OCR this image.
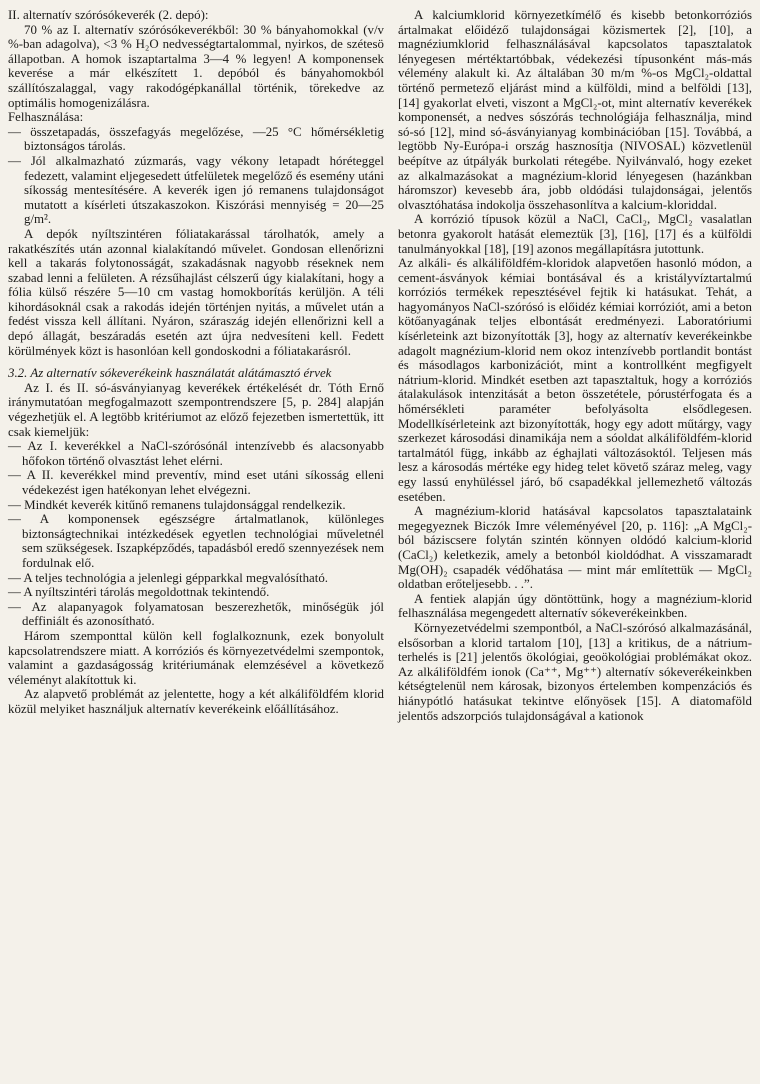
II. alternatív szórósókeverék (2. depó):

70 % az I. alternatív szórósókeverékből: 30 % bányahomokkal (v/v %-ban adagolva), <3 % H₂O nedvességtartalommal, nyirkos, de szétesö állapotban. A homok iszaptartalma 3—4 % legyen! A komponensek keverése a már elkészített 1. depóból és bányahomokból szállítószalaggal, vagy rakodógépkanállal történik, törekedve az optimális homogenizálásra.

Felhasználása:

— összetapadás, összefagyás megelőzése, —25 °C hőmérsékletig biztonságos tárolás.
— Jól alkalmazható zúzmarás, vagy vékony letapadt hóréteggel fedezett, valamint eljegesedett útfelületek megelőző és esemény utáni síkosság mentesítésére. A keverék igen jó remanens tulajdonságot mutatott a kísérleti útszakaszokon. Kiszórási mennyiség = 20—25 g/m².

A depók nyíltszintéren fóliatakarással tárolhatók, amely a rakatkészítés után azonnal kialakítandó művelet. Gondosan ellenőrizni kell a takarás folytonosságát, szakadásnak nagyobb réseknek nem szabad lenni a felületen. A rézsűhajlást célszerű úgy kialakítani, hogy a fólia külső részére 5—10 cm vastag homokborítás kerüljön. A téli kihordásoknál csak a rakodás idején történjen nyitás, a művelet után a fedést vissza kell állítani. Nyáron, száraszág idején ellenőrizni kell a depó állagát, beszáradás esetén azt újra nedvesíteni kell. Fedett körülmények közt is hasonlóan kell gondoskodni a fóliatakarásról.

3.2. Az alternatív sókeverékeink használatát alátámasztó érvek

Az I. és II. só-ásványianyag keverékek értékelését dr. Tóth Ernő iránymutatóan megfogalmazott szempontrendszere [5, p. 284] alapján végezhetjük el. A legtöbb kritériumot az előző fejezetben ismertettük, itt csak kiemeljük:

— Az I. keverékkel a NaCl-szórósónál intenzívebb és alacsonyabb hőfokon történő olvasztást lehet elérni.
— A II. keverékkel mind preventív, mind eset utáni síkosság elleni védekezést igen hatékonyan lehet elvégezni.
— Mindkét keverék kitűnő remanens tulajdonsággal rendelkezik.
— A komponensek egészségre ártalmatlanok, különleges biztonságtechnikai intézkedések egyetlen technológiai műveletnél sem szükségesek. Iszapképződés, tapadásból eredő szennyezések nem fordulnak elő.
— A teljes technológia a jelenlegi gépparkkal megvalósítható.
— A nyíltszintéri tárolás megoldottnak tekintendő.
— Az alapanyagok folyamatosan beszerezhetők, minőségük jól deffiniált és azonosítható.

Három szemponttal külön kell foglalkoznunk, ezek bonyolult kapcsolatrendszere miatt. A korróziós és környezetvédelmi szempontok, valamint a gazdaságosság kritériumának elemzésével a következő véleményt alakítottuk ki.

Az alapvető problémát az jelentette, hogy a két alkáliföldfém klorid közül melyiket használjuk alternatív keverékeink előállításához.

A kalciumklorid környezetkímélő és kisebb betonkorróziós ártalmakat előidéző tulajdonságai közismertek [2], [10], a magnéziumklorid felhasználásával kapcsolatos tapasztalatok lényegesen mértéktartóbbak, védekezési típusonként más-más vélemény alakult ki. Az általában 30 m/m %-os MgCl₂-oldattal történő permetező eljárást mind a külföldi, mind a belföldi [13], [14] gyakorlat elveti, viszont a MgCl₂-ot, mint alternatív keverékek komponensét, a nedves sószórás technológiája felhasználja, mind só-só [12], mind só-ásványianyag kombinációban [15]. Továbbá, a legtöbb Ny-Európa-i ország hasznosítja (NIVOSAL) közvetlenül beépítve az útpályák burkolati rétegébe. Nyilvánvaló, hogy ezeket az alkalmazásokat a magnézium-klorid lényegesen (hazánkban háromszor) kevesebb ára, jobb oldódási tulajdonságai, jelentős olvasztóhatása indokolja összehasonlítva a kalcium-kloriddal.

A korrózió típusok közül a NaCl, CaCl₂, MgCl₂ vasalatlan betonra gyakorolt hatását elemeztük [3], [16], [17] és a külföldi tanulmányokkal [18], [19] azonos megállapításra jutottunk.

Az alkáli- és alkáliföldfém-kloridok alapvetően hasonló módon, a cement-ásványok kémiai bontásával és a kristályvíztartalmú korróziós termékek repesztésével fejtik ki hatásukat. Tehát, a hagyományos NaCl-szórósó is előidéz kémiai korróziót, ami a beton kötőanyagának teljes elbontását eredményezi. Laboratóriumi kísérleteink azt bizonyították [3], hogy az alternatív keverékeinkbe adagolt magnézium-klorid nem okoz intenzívebb portlandit bontást és másodlagos karbonizációt, mint a kontrollként megfigyelt nátrium-klorid. Mindkét esetben azt tapasztaltuk, hogy a korróziós átalakulások intenzitását a beton összetétele, pórustérfogata és a hőmérsékleti paraméter befolyásolta elsődlegesen. Modellkísérleteink azt bizonyították, hogy egy adott műtárgy, vagy szerkezet károsodási dinamikája nem a sóoldat alkáliföldfém-klorid tartalmától függ, inkább az éghajlati változásoktól. Teljesen más lesz a károsodás mértéke egy hideg telet követő száraz meleg, vagy egy lassú enyhüléssel járó, bő csapadékkal jellemezhető változás esetében.

A magnézium-klorid hatásával kapcsolatos tapasztalataink megegyeznek Biczók Imre véleményével [20, p. 116]: „A MgCl₂-ból báziscsere folytán szintén könnyen oldódó kalcium-klorid (CaCl₂) keletkezik, amely a betonból kioldódhat. A visszamaradt Mg(OH)₂ csapadék védőhatása — mint már említettük — MgCl₂ oldatban erőteljesebb. . .”.

A fentiek alapján úgy döntöttünk, hogy a magnézium-klorid felhasználása megengedett alternatív sókeverékeinkben.

Környezetvédelmi szempontból, a NaCl-szórósó alkalmazásánál, elsősorban a klorid tartalom [10], [13] a kritikus, de a nátrium-terhelés is [21] jelentős ökológiai, geoökológiai problémákat okoz. Az alkáliföldfém ionok (Ca⁺⁺, Mg⁺⁺) alternatív sókeverékeinkben kétségtelenül nem károsak, bizonyos értelemben kompenzációs és hiánypótló hatásukat tekintve előnyösek [15]. A diatomaföld jelentős adszorpciós tulajdonságával a kationok
